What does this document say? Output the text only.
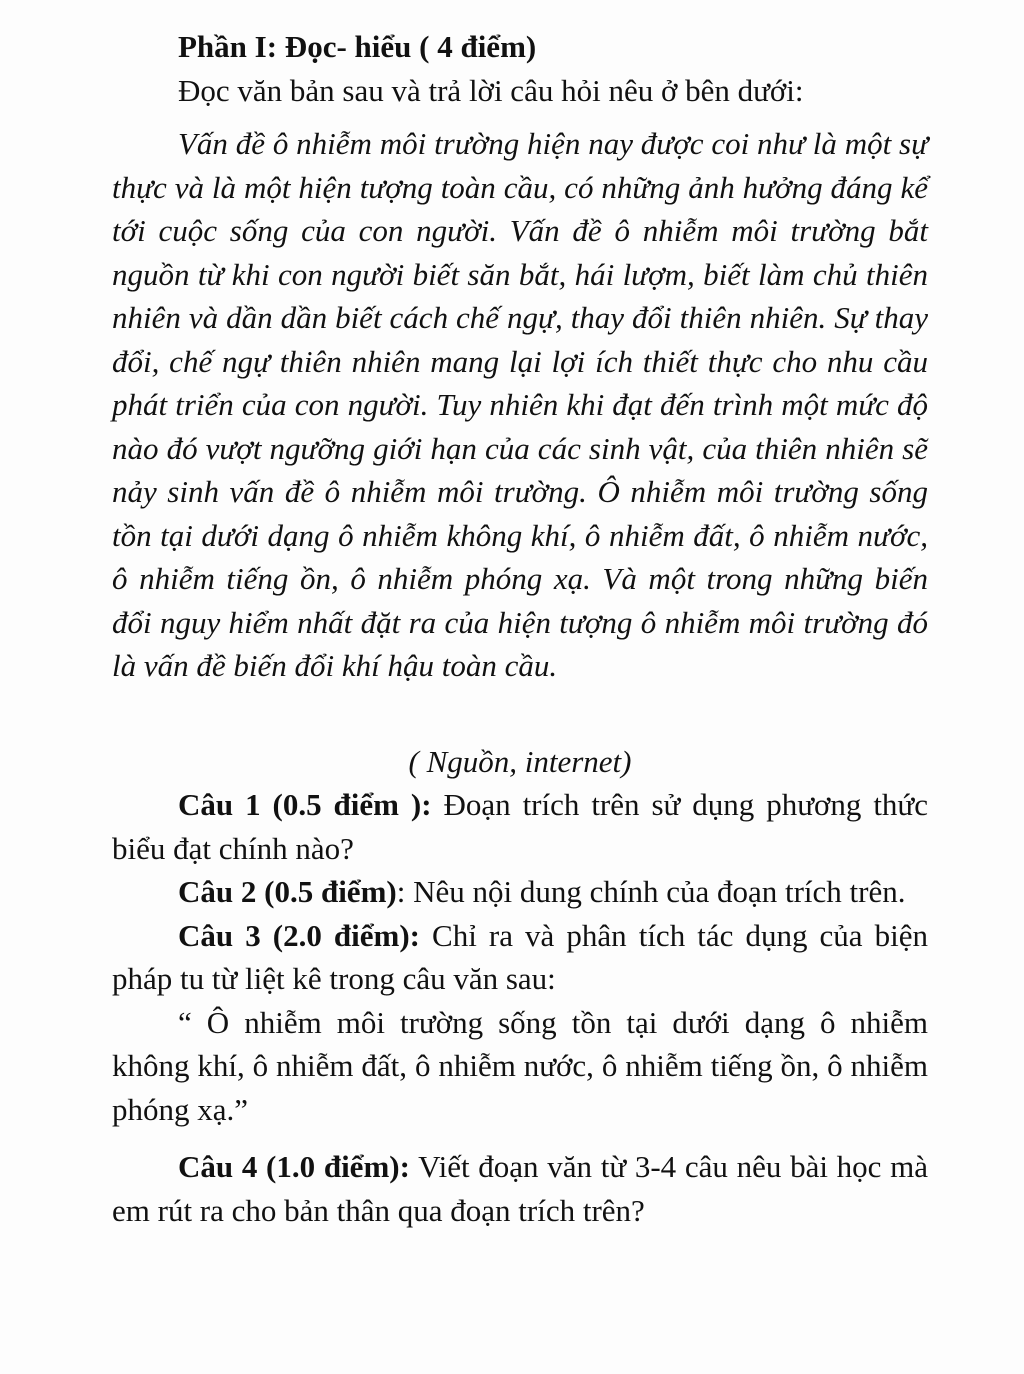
Phần I: Đọc- hiểu ( 4 điểm)

Đọc văn bản sau và trả lời câu hỏi nêu ở bên dưới:

Vấn đề ô nhiễm môi trường hiện nay được coi như là một sự thực và là một hiện tượng toàn cầu, có những ảnh hưởng đáng kể tới cuộc sống của con người. Vấn đề ô nhiễm môi trường bắt nguồn từ khi con người biết săn bắt, hái lượm, biết làm chủ thiên nhiên và dần dần biết cách chế ngự, thay đổi thiên nhiên. Sự thay đổi, chế ngự thiên nhiên mang lại lợi ích thiết thực cho nhu cầu phát triển của con người. Tuy nhiên khi đạt đến trình một mức độ nào đó vượt ngưỡng giới hạn của các sinh vật, của thiên nhiên sẽ nảy sinh vấn đề ô nhiễm môi trường. Ô nhiễm môi trường sống tồn tại dưới dạng ô nhiễm không khí, ô nhiễm đất, ô nhiễm nước, ô nhiễm tiếng ồn, ô nhiễm phóng xạ. Và một trong những biến đổi nguy hiểm nhất đặt ra của hiện tượng ô nhiễm môi trường đó là vấn đề biến đổi khí hậu toàn cầu.

( Nguồn, internet)

Câu 1 (0.5 điểm ): Đoạn trích trên sử dụng phương thức biểu đạt chính nào?

Câu 2 (0.5 điểm): Nêu nội dung chính của đoạn trích trên.

Câu 3 (2.0 điểm): Chỉ ra và phân tích tác dụng của biện pháp tu từ liệt kê trong câu văn sau:

“ Ô nhiễm môi trường sống tồn tại dưới dạng ô nhiễm không khí, ô nhiễm đất, ô nhiễm nước, ô nhiễm tiếng ồn, ô nhiễm phóng xạ.”

Câu 4 (1.0 điểm): Viết đoạn văn từ 3-4 câu nêu bài học mà em rút ra cho bản thân qua đoạn trích trên?
